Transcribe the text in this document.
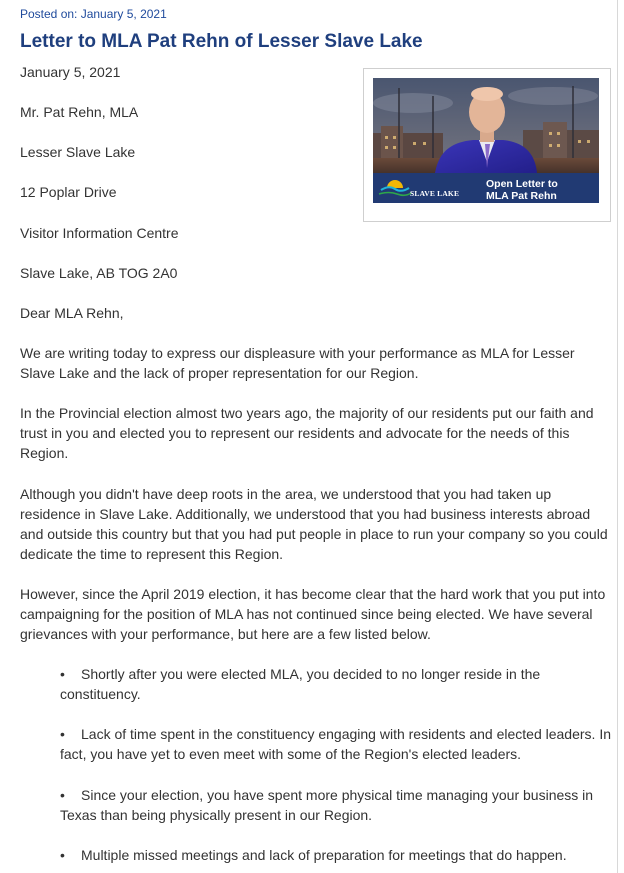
Posted on: January 5, 2021
Letter to MLA Pat Rehn of Lesser Slave Lake
Open Letter to
MLA Pat Rehn
SLAVE LAKE

January 5, 2021

Mr. Pat Rehn, MLA

Lesser Slave Lake

12 Poplar Drive

Visitor Information Centre

Slave Lake, AB TOG 2A0

Dear MLA Rehn,

We are writing today to express our displeasure with your performance as MLA for Lesser Slave Lake and the lack of proper representation for our Region.

In the Provincial election almost two years ago, the majority of our residents put our faith and trust in you and elected you to represent our residents and advocate for the needs of this Region.

Although you didn't have deep roots in the area, we understood that you had taken up residence in Slave Lake. Additionally, we understood that you had business interests abroad and outside this country but that you had put people in place to run your company so you could dedicate the time to represent this Region.

However, since the April 2019 election, it has become clear that the hard work that you put into campaigning for the position of MLA has not continued since being elected. We have several grievances with your performance, but here are a few listed below.

• Shortly after you were elected MLA, you decided to no longer reside in the constituency.

• Lack of time spent in the constituency engaging with residents and elected leaders. In fact, you have yet to even meet with some of the Region's elected leaders.

• Since your election, you have spent more physical time managing your business in Texas than being physically present in our Region.

• Multiple missed meetings and lack of preparation for meetings that do happen.
